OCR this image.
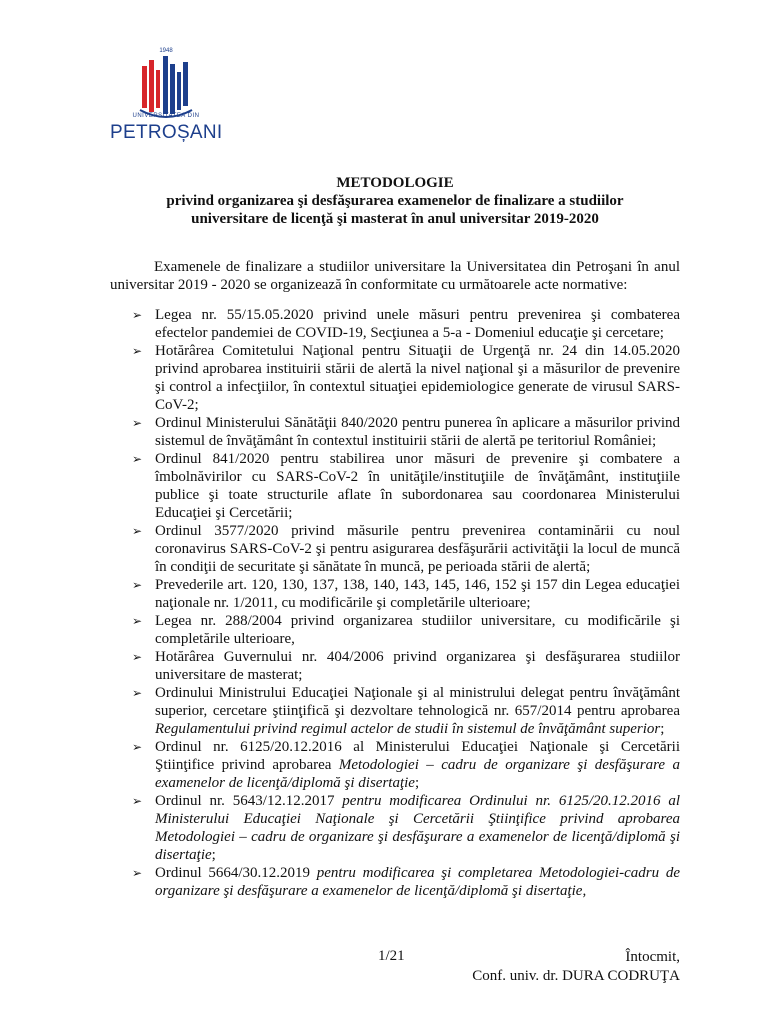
1948
UNIVERSITATEA DIN
PETROȘANI
METODOLOGIE
privind organizarea şi desfăşurarea examenelor de finalizare a studiilor
universitare de licenţă şi masterat în anul universitar 2019-2020
Examenele de finalizare a studiilor universitare la Universitatea din Petroşani în anul universitar 2019 - 2020 se organizează în conformitate cu următoarele acte normative:
➢ Legea nr. 55/15.05.2020 privind unele măsuri pentru prevenirea şi combaterea efectelor pandemiei de COVID-19, Secţiunea a 5-a - Domeniul educaţie şi cercetare;
➢ Hotărârea Comitetului Naţional pentru Situaţii de Urgenţă nr. 24 din 14.05.2020 privind aprobarea instituirii stării de alertă la nivel naţional şi a măsurilor de prevenire şi control a infecţiilor, în contextul situaţiei epidemiologice generate de virusul SARS-CoV-2;
➢ Ordinul Ministerului Sănătăţii 840/2020 pentru punerea în aplicare a măsurilor privind sistemul de învăţământ în contextul instituirii stării de alertă pe teritoriul României;
➢ Ordinul 841/2020 pentru stabilirea unor măsuri de prevenire şi combatere a îmbolnăvirilor cu SARS-CoV-2 în unităţile/instituţiile de învăţământ, instituţiile publice şi toate structurile aflate în subordonarea sau coordonarea Ministerului Educaţiei şi Cercetării;
➢ Ordinul 3577/2020 privind măsurile pentru prevenirea contaminării cu noul coronavirus SARS-CoV-2 şi pentru asigurarea desfăşurării activităţii la locul de muncă în condiţii de securitate şi sănătate în muncă, pe perioada stării de alertă;
➢ Prevederile art. 120, 130, 137, 138, 140, 143, 145, 146, 152 şi 157 din Legea educaţiei naţionale nr. 1/2011, cu modificările şi completările ulterioare;
➢ Legea nr. 288/2004 privind organizarea studiilor universitare, cu modificările şi completările ulterioare,
➢ Hotărârea Guvernului nr. 404/2006 privind organizarea şi desfăşurarea studiilor universitare de masterat;
➢ Ordinului Ministrului Educaţiei Naţionale şi al ministrului delegat pentru învăţământ superior, cercetare ştiinţifică şi dezvoltare tehnologică nr. 657/2014 pentru aprobarea Regulamentului privind regimul actelor de studii în sistemul de învăţământ superior;
➢ Ordinul nr. 6125/20.12.2016 al Ministerului Educaţiei Naţionale şi Cercetării Ştiinţifice privind aprobarea Metodologiei – cadru de organizare şi desfăşurare a examenelor de licenţă/diplomă şi disertaţie;
➢ Ordinul nr. 5643/12.12.2017 pentru modificarea Ordinului nr. 6125/20.12.2016 al Ministerului Educaţiei Naţionale şi Cercetării Ştiinţifice privind aprobarea Metodologiei – cadru de organizare şi desfăşurare a examenelor de licenţă/diplomă şi disertaţie;
➢ Ordinul 5664/30.12.2019 pentru modificarea şi completarea Metodologiei-cadru de organizare şi desfăşurare a examenelor de licenţă/diplomă şi disertaţie,
1/21	Întocmit,
Conf. univ. dr. DURA CODRUŢA
